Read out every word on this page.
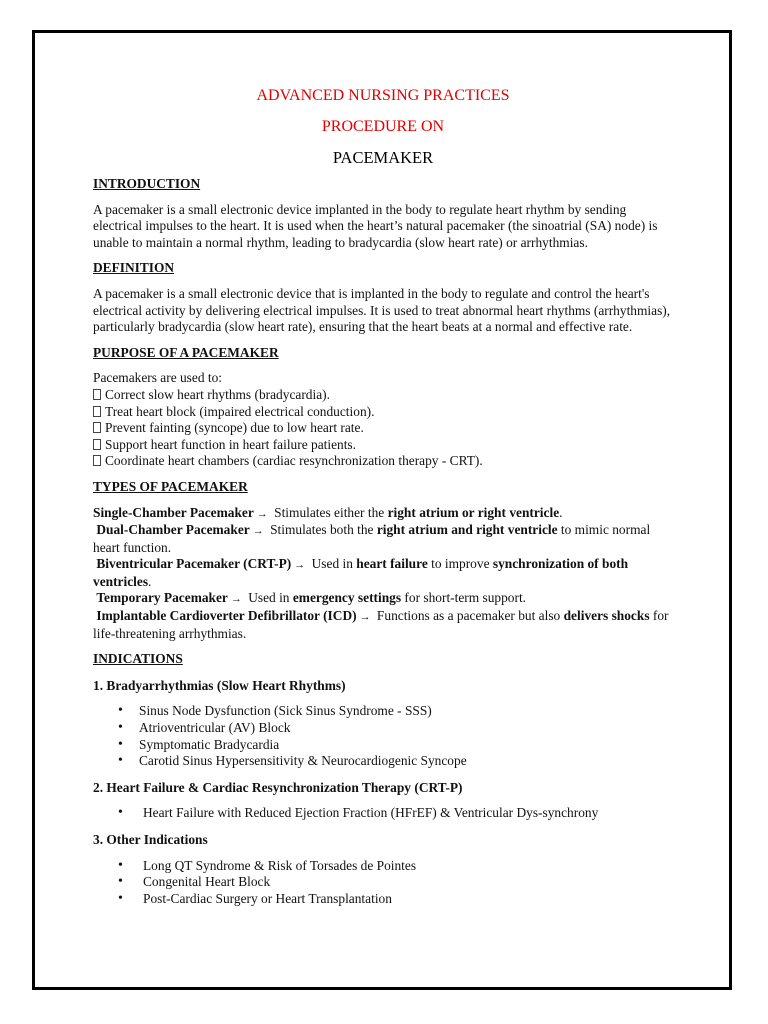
ADVANCED NURSING PRACTICES

PROCEDURE ON

PACEMAKER

INTRODUCTION

A pacemaker is a small electronic device implanted in the body to regulate heart rhythm by sending electrical impulses to the heart. It is used when the heart’s natural pacemaker (the sinoatrial (SA) node) is unable to maintain a normal rhythm, leading to bradycardia (slow heart rate) or arrhythmias.

DEFINITION

A pacemaker is a small electronic device that is implanted in the body to regulate and control the heart's electrical activity by delivering electrical impulses. It is used to treat abnormal heart rhythms (arrhythmias), particularly bradycardia (slow heart rate), ensuring that the heart beats at a normal and effective rate.

PURPOSE OF A PACEMAKER
Pacemakers are used to:
Correct slow heart rhythms (bradycardia).
Treat heart block (impaired electrical conduction).
Prevent fainting (syncope) due to low heart rate.
Support heart function in heart failure patients.
Coordinate heart chambers (cardiac resynchronization therapy - CRT).
TYPES OF PACEMAKER
Single-Chamber Pacemaker → Stimulates either the right atrium or right ventricle.
Dual-Chamber Pacemaker → Stimulates both the right atrium and right ventricle to mimic normal heart function.
Biventricular Pacemaker (CRT-P) → Used in heart failure to improve synchronization of both ventricles.
Temporary Pacemaker → Used in emergency settings for short-term support.
Implantable Cardioverter Defibrillator (ICD) → Functions as a pacemaker but also delivers shocks for life-threatening arrhythmias.
INDICATIONS
1. Bradyarrhythmias (Slow Heart Rhythms)
• Sinus Node Dysfunction (Sick Sinus Syndrome - SSS)
• Atrioventricular (AV) Block
• Symptomatic Bradycardia
• Carotid Sinus Hypersensitivity & Neurocardiogenic Syncope
2. Heart Failure & Cardiac Resynchronization Therapy (CRT-P)
• Heart Failure with Reduced Ejection Fraction (HFrEF) & Ventricular Dys-synchrony
3. Other Indications
• Long QT Syndrome & Risk of Torsades de Pointes
• Congenital Heart Block
• Post-Cardiac Surgery or Heart Transplantation
